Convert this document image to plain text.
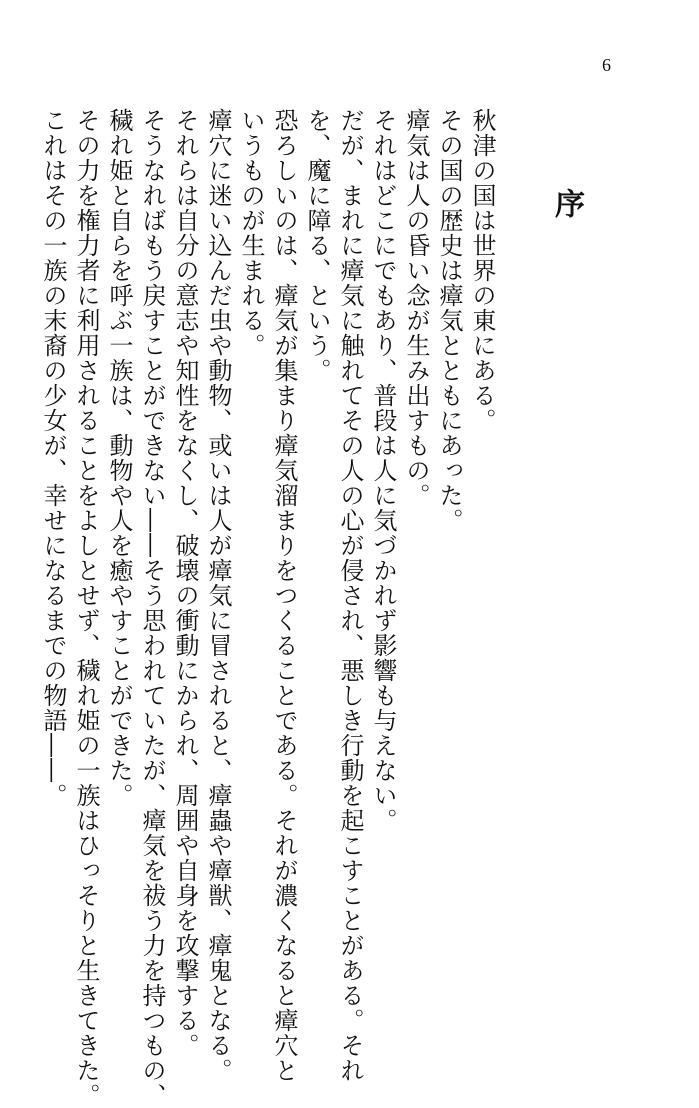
6
序
秋津の国は世界の東にある。
その国の歴史は瘴気とともにあった。
瘴気は人の昏い念が生み出すもの。
それはどこにでもあり、普段は人に気づかれず影響も与えない。
だが、まれに瘴気に触れてその人の心が侵され、悪しき行動を起こすことがある。それ
を、魔に障る、という。
恐ろしいのは、瘴気が集まり瘴気溜まりをつくることである。それが濃くなると瘴穴と
いうものが生まれる。
瘴穴に迷い込んだ虫や動物、或いは人が瘴気に冒されると、瘴蟲や瘴獣、瘴鬼となる。
それらは自分の意志や知性をなくし、破壊の衝動にかられ、周囲や自身を攻撃する。
そうなればもう戻すことができない――そう思われていたが、瘴気を祓う力を持つもの、
穢れ姫と自らを呼ぶ一族は、動物や人を癒やすことができた。
その力を権力者に利用されることをよしとせず、穢れ姫の一族はひっそりと生きてきた。
これはその一族の末裔の少女が、幸せになるまでの物語――。
